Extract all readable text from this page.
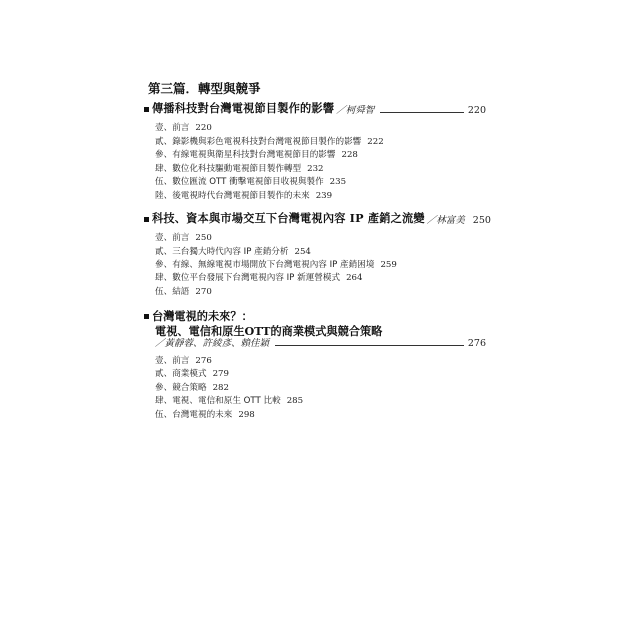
第三篇．轉型與競爭
傳播科技對台灣電視節目製作的影響 ／柯舜智	220
壹、前言 220
貳、錄影機與彩色電視科技對台灣電視節目製作的影響 222
參、有線電視與衛星科技對台灣電視節目的影響 228
肆、數位化科技驅動電視節目製作轉型 232
伍、數位匯流 OTT 衝擊電視節目收視與製作 235
陸、後電視時代台灣電視節目製作的未來 239
科技、資本與市場交互下台灣電視內容 IP 產銷之流變 ／林富美 250
壹、前言 250
貳、三台獨大時代內容 IP 產銷分析 254
參、有線、無線電視市場開放下台灣電視內容 IP 產銷困境 259
肆、數位平台發展下台灣電視內容 IP 新運營模式 264
伍、結語 270
台灣電視的未來？：
電視、電信和原生OTT的商業模式與競合策略
／黃靜蓉、許綾彥、賴佳穎	276
壹、前言 276
貳、商業模式 279
參、競合策略 282
肆、電視、電信和原生 OTT 比較 285
伍、台灣電視的未來 298
